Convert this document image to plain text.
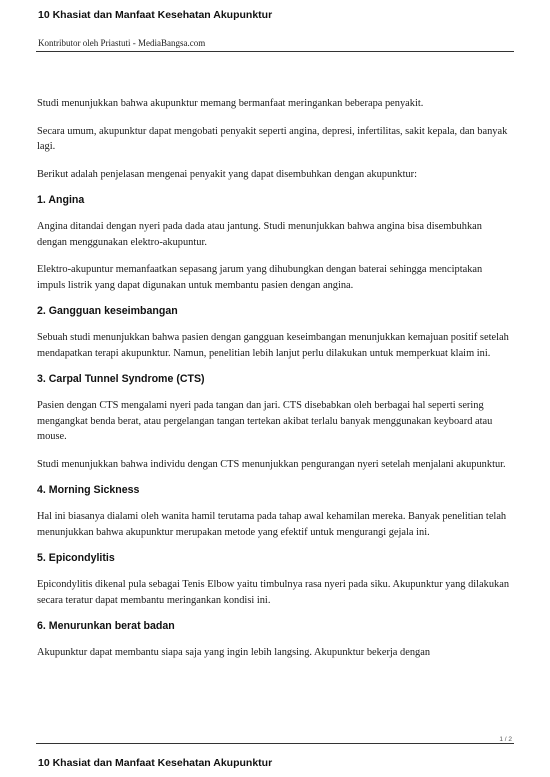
10 Khasiat dan Manfaat Kesehatan Akupunktur
Kontributor oleh Priastuti - MediaBangsa.com

Studi menunjukkan bahwa akupunktur memang bermanfaat meringankan beberapa penyakit.

Secara umum, akupunktur dapat mengobati penyakit seperti angina, depresi, infertilitas, sakit kepala, dan banyak lagi.

Berikut adalah penjelasan mengenai penyakit yang dapat disembuhkan dengan akupunktur:

1. Angina

Angina ditandai dengan nyeri pada dada atau jantung. Studi menunjukkan bahwa angina bisa disembuhkan dengan menggunakan elektro-akupuntur.

Elektro-akupuntur memanfaatkan sepasang jarum yang dihubungkan dengan baterai sehingga menciptakan impuls listrik yang dapat digunakan untuk membantu pasien dengan angina.

2. Gangguan keseimbangan

Sebuah studi menunjukkan bahwa pasien dengan gangguan keseimbangan menunjukkan kemajuan positif setelah mendapatkan terapi akupunktur. Namun, penelitian lebih lanjut perlu dilakukan untuk memperkuat klaim ini.

3. Carpal Tunnel Syndrome (CTS)

Pasien dengan CTS mengalami nyeri pada tangan dan jari. CTS disebabkan oleh berbagai hal seperti sering mengangkat benda berat, atau pergelangan tangan tertekan akibat terlalu banyak menggunakan keyboard atau mouse.

Studi menunjukkan bahwa individu dengan CTS menunjukkan pengurangan nyeri setelah menjalani akupunktur.

4. Morning Sickness

Hal ini biasanya dialami oleh wanita hamil terutama pada tahap awal kehamilan mereka. Banyak penelitian telah menunjukkan bahwa akupunktur merupakan metode yang efektif untuk mengurangi gejala ini.

5. Epicondylitis

Epicondylitis dikenal pula sebagai Tenis Elbow yaitu timbulnya rasa nyeri pada siku. Akupunktur yang dilakukan secara teratur dapat membantu meringankan kondisi ini.

6. Menurunkan berat badan

Akupunktur dapat membantu siapa saja yang ingin lebih langsing. Akupunktur bekerja dengan

1 / 2
10 Khasiat dan Manfaat Kesehatan Akupunktur
